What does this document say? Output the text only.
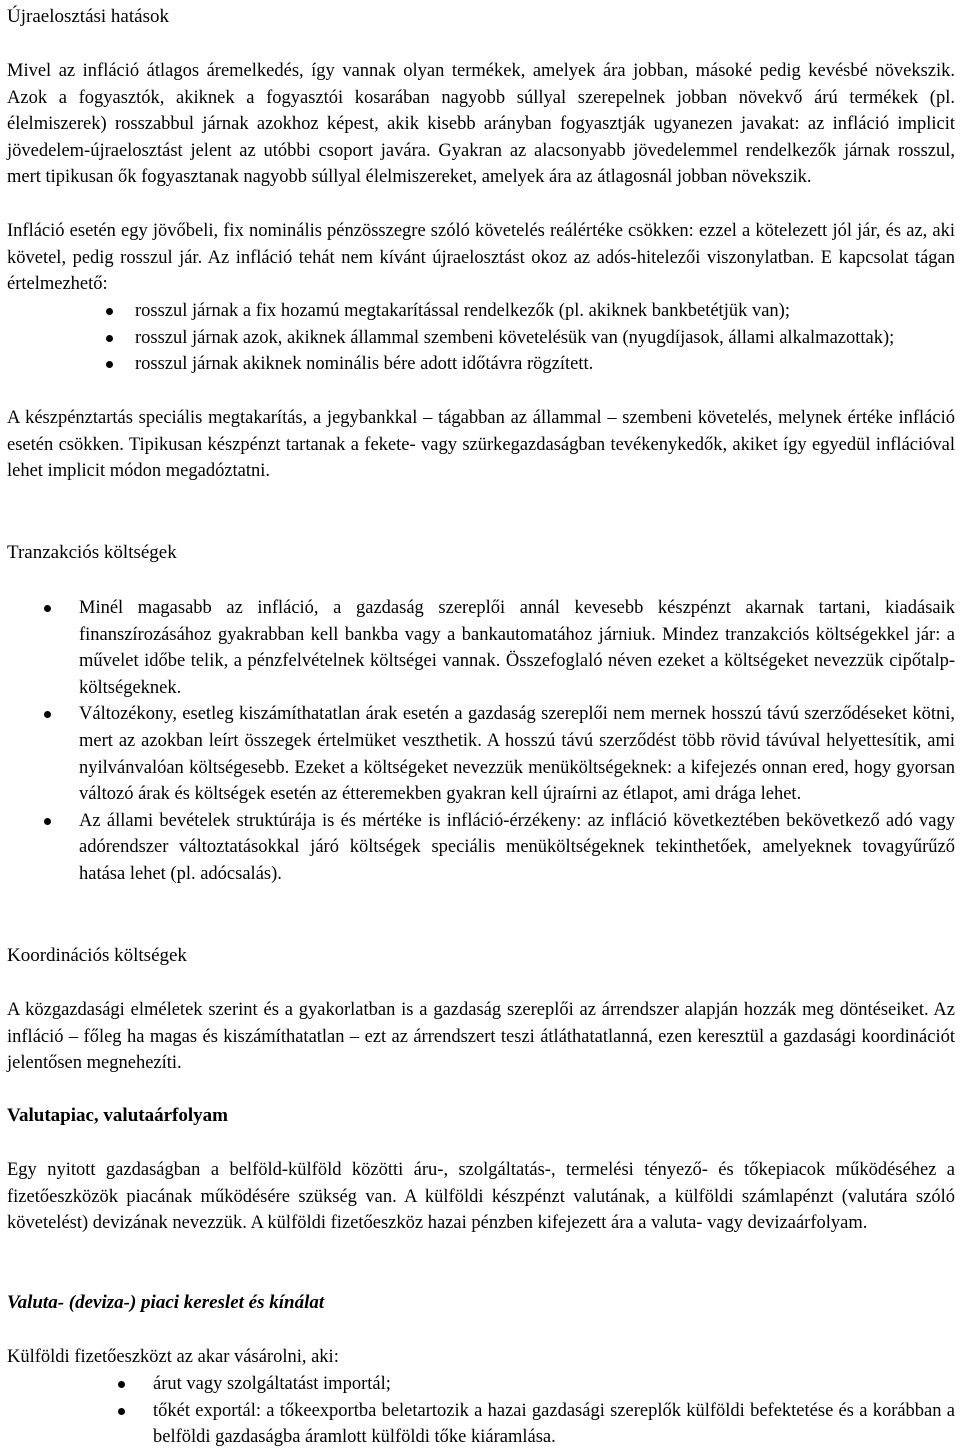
Újraelosztási hatások

Mivel az infláció átlagos áremelkedés, így vannak olyan termékek, amelyek ára jobban, másoké pedig kevésbé növekszik. Azok a fogyasztók, akiknek a fogyasztói kosarában nagyobb súllyal szerepelnek jobban növekvő árú termékek (pl. élelmiszerek) rosszabbul járnak azokhoz képest, akik kisebb arányban fogyasztják ugyanezen javakat: az infláció implicit jövedelem-újraelosztást jelent az utóbbi csoport javára. Gyakran az alacsonyabb jövedelemmel rendelkezők járnak rosszul, mert tipikusan ők fogyasztanak nagyobb súllyal élelmiszereket, amelyek ára az átlagosnál jobban növekszik.

Infláció esetén egy jövőbeli, fix nominális pénzösszegre szóló követelés reálértéke csökken: ezzel a kötelezett jól jár, és az, aki követel, pedig rosszul jár. Az infláció tehát nem kívánt újraelosztást okoz az adós-hitelezői viszonylatban. E kapcsolat tágan értelmezhető:

rosszul járnak a fix hozamú megtakarítással rendelkezők (pl. akiknek bankbetétjük van);
rosszul járnak azok, akiknek állammal szembeni követelésük van (nyugdíjasok, állami alkalmazottak);
rosszul járnak akiknek nominális bére adott időtávra rögzített.

A készpénztartás speciális megtakarítás, a jegybankkal – tágabban az állammal – szembeni követelés, melynek értéke infláció esetén csökken. Tipikusan készpénzt tartanak a fekete- vagy szürkegazdaságban tevékenykedők, akiket így egyedül inflációval lehet implicit módon megadóztatni.

Tranzakciós költségek
Minél magasabb az infláció, a gazdaság szereplői annál kevesebb készpénzt akarnak tartani, kiadásaik finanszírozásához gyakrabban kell bankba vagy a bankautomatához járniuk. Mindez tranzakciós költségekkel jár: a művelet időbe telik, a pénzfelvételnek költségei vannak. Összefoglaló néven ezeket a költségeket nevezzük cipőtalp-költségeknek.
Változékony, esetleg kiszámíthatatlan árak esetén a gazdaság szereplői nem mernek hosszú távú szerződéseket kötni, mert az azokban leírt összegek értelmüket veszthetik. A hosszú távú szerződést több rövid távúval helyettesítik, ami nyilvánvalóan költségesebb. Ezeket a költségeket nevezzük menüköltségeknek: a kifejezés onnan ered, hogy gyorsan változó árak és költségek esetén az étteremekben gyakran kell újraírni az étlapot, ami drága lehet.
Az állami bevételek struktúrája is és mértéke is infláció-érzékeny: az infláció következtében bekövetkező adó vagy adórendszer változtatásokkal járó költségek speciális menüköltségeknek tekinthetőek, amelyeknek tovagyűrűző hatása lehet (pl. adócsalás).
Koordinációs költségek

A közgazdasági elméletek szerint és a gyakorlatban is a gazdaság szereplői az árrendszer alapján hozzák meg döntéseiket. Az infláció – főleg ha magas és kiszámíthatatlan – ezt az árrendszert teszi átláthatatlanná, ezen keresztül a gazdasági koordinációt jelentősen megnehezíti.

Valutapiac, valutaárfolyam

Egy nyitott gazdaságban a belföld-külföld közötti áru-, szolgáltatás-, termelési tényező- és tőkepiacok működéséhez a fizetőeszközök piacának működésére szükség van. A külföldi készpénzt valutának, a külföldi számlapénzt (valutára szóló követelést) devizának nevezzük. A külföldi fizetőeszköz hazai pénzben kifejezett ára a valuta- vagy devizaárfolyam.

Valuta- (deviza-) piaci kereslet és kínálat

Külföldi fizetőeszközt az akar vásárolni, aki:

árut vagy szolgáltatást importál;
tőkét exportál: a tőkeexportba beletartozik a hazai gazdasági szereplők külföldi befektetése és a korábban a belföldi gazdaságba áramlott külföldi tőke kiáramlása.
